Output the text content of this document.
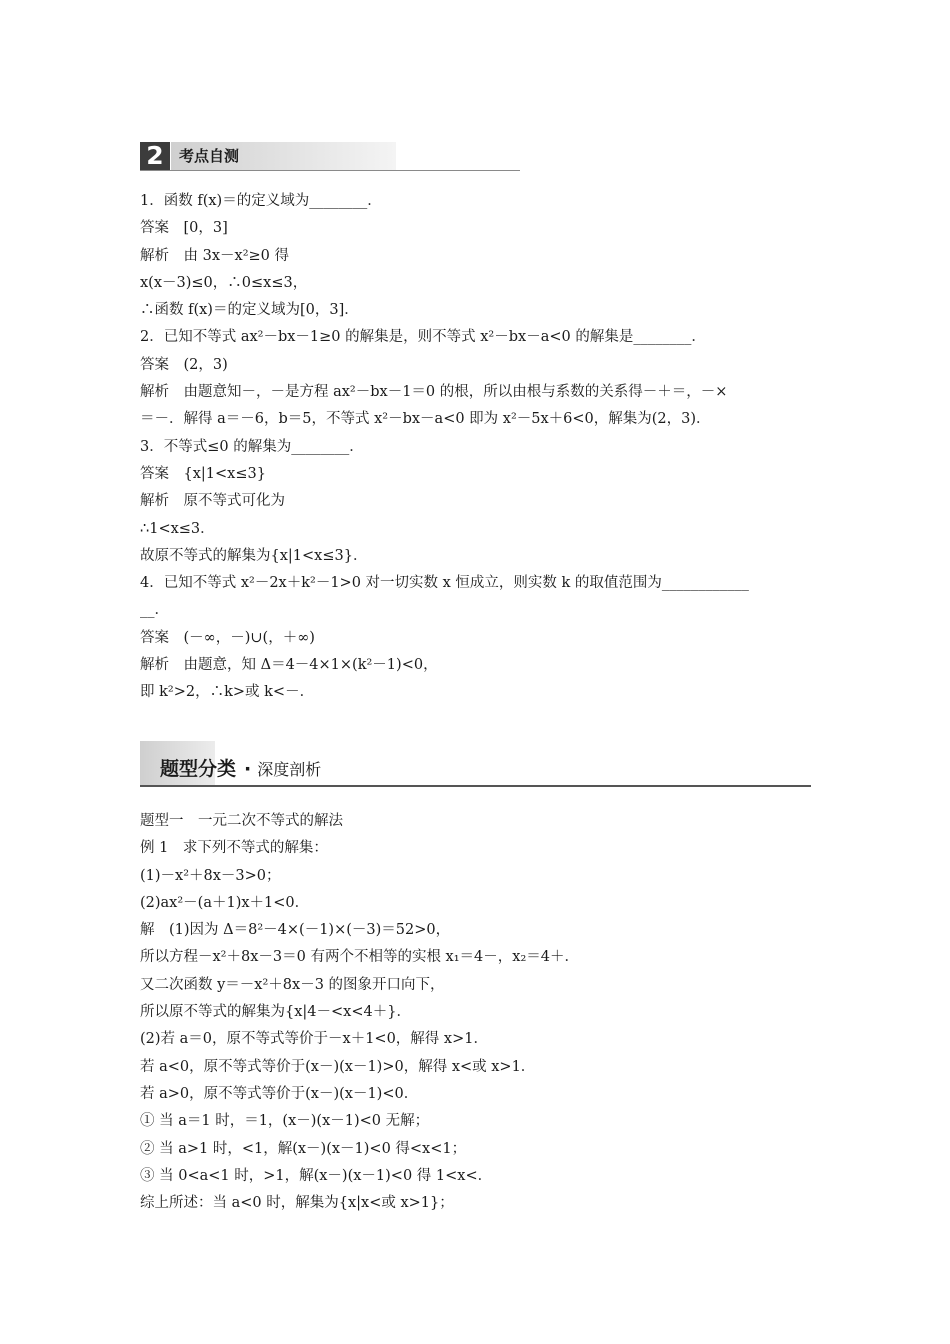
2	考点自测
1．函数 f(x)＝的定义域为________．
答案　[0，3]
解析　由 3x－x²≥0 得
x(x－3)≤0，∴0≤x≤3，
∴函数 f(x)＝的定义域为[0，3]．
2．已知不等式 ax²－bx－1≥0 的解集是，则不等式 x²－bx－a<0 的解集是________．
答案　(2，3)
解析　由题意知－，－是方程 ax²－bx－1＝0 的根，所以由根与系数的关系得－＋＝，－×
＝－．解得 a＝－6，b＝5，不等式 x²－bx－a<0 即为 x²－5x＋6<0，解集为(2，3)．
3．不等式≤0 的解集为________．
答案　{x|1<x≤3}
解析　原不等式可化为
∴1<x≤3．
故原不等式的解集为{x|1<x≤3}．
4．已知不等式 x²－2x＋k²－1>0 对一切实数 x 恒成立，则实数 k 的取值范围为____________
__．
答案　(－∞，－)∪(，＋∞)
解析　由题意，知 Δ＝4－4×1×(k²－1)<0，
即 k²>2，∴k>或 k<－．
题型分类 · 深度剖析
题型一　一元二次不等式的解法
例 1　求下列不等式的解集：
(1)－x²＋8x－3>0；
(2)ax²－(a＋1)x＋1<0．
解　(1)因为 Δ＝8²－4×(－1)×(－3)＝52>0，
所以方程－x²＋8x－3＝0 有两个不相等的实根 x₁＝4－，x₂＝4＋．
又二次函数 y＝－x²＋8x－3 的图象开口向下，
所以原不等式的解集为{x|4－<x<4＋}．
(2)若 a＝0，原不等式等价于－x＋1<0，解得 x>1．
若 a<0，原不等式等价于(x－)(x－1)>0，解得 x<或 x>1．
若 a>0，原不等式等价于(x－)(x－1)<0．
① 当 a＝1 时，＝1，(x－)(x－1)<0 无解；
② 当 a>1 时，<1，解(x－)(x－1)<0 得<x<1；
③ 当 0<a<1 时，>1，解(x－)(x－1)<0 得 1<x<．
综上所述：当 a<0 时，解集为{x|x<或 x>1}；
